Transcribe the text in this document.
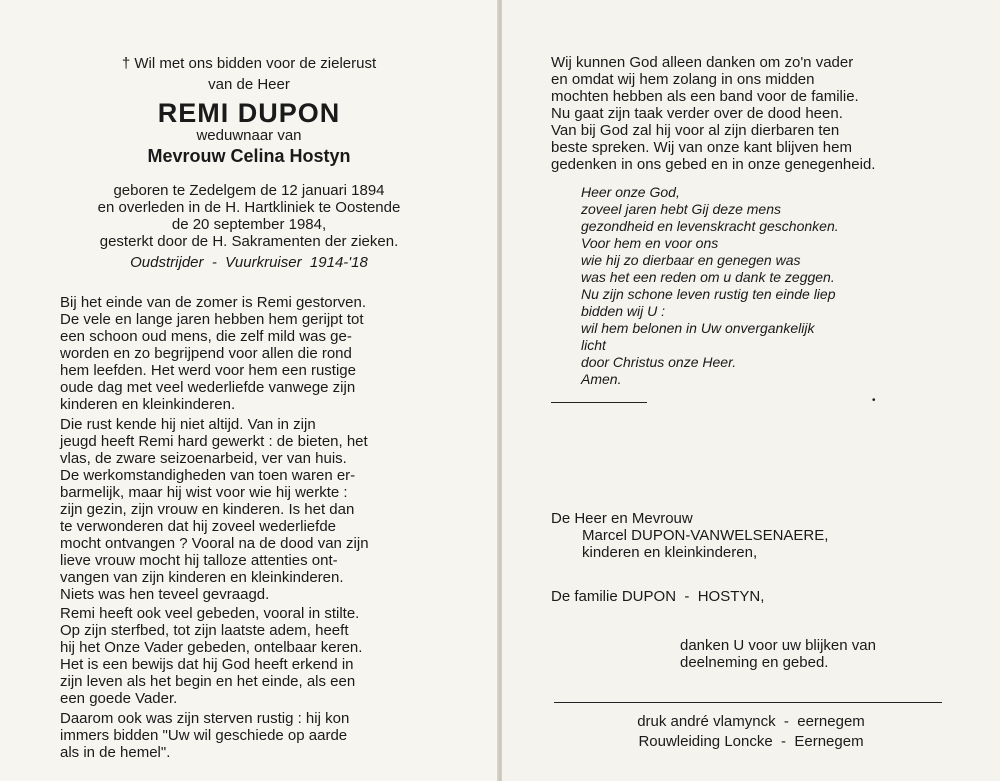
† Wil met ons bidden voor de zielerust
van de Heer
REMI DUPON
weduwnaar van
Mevrouw Celina Hostyn
geboren te Zedelgem de 12 januari 1894
en overleden in de H. Hartkliniek te Oostende
de 20 september 1984,
gesterkt door de H. Sakramenten der zieken.
Oudstrijder  -  Vuurkruiser  1914-'18
Bij het einde van de zomer is Remi gestorven.
De vele en lange jaren hebben hem gerijpt tot
een schoon oud mens, die zelf mild was ge-
worden en zo begrijpend voor allen die rond
hem leefden. Het werd voor hem een rustige
oude dag met veel wederliefde vanwege zijn
kinderen en kleinkinderen.
Die rust kende hij niet altijd. Van in zijn
jeugd heeft Remi hard gewerkt : de bieten, het
vlas, de zware seizoenarbeid, ver van huis.
De werkomstandigheden van toen waren er-
barmelijk, maar hij wist voor wie hij werkte :
zijn gezin, zijn vrouw en kinderen. Is het dan
te verwonderen dat hij zoveel wederliefde
mocht ontvangen ? Vooral na de dood van zijn
lieve vrouw mocht hij talloze attenties ont-
vangen van zijn kinderen en kleinkinderen.
Niets was hen teveel gevraagd.
Remi heeft ook veel gebeden, vooral in stilte.
Op zijn sterfbed, tot zijn laatste adem, heeft
hij het Onze Vader gebeden, ontelbaar keren.
Het is een bewijs dat hij God heeft erkend in
zijn leven als het begin en het einde, als een
een goede Vader.
Daarom ook was zijn sterven rustig : hij kon
immers bidden "Uw wil geschiede op aarde
als in de hemel".
Wij kunnen God alleen danken om zo'n vader
en omdat wij hem zolang in ons midden
mochten hebben als een band voor de familie.
Nu gaat zijn taak verder over de dood heen.
Van bij God zal hij voor al zijn dierbaren ten
beste spreken. Wij van onze kant blijven hem
gedenken in ons gebed en in onze genegenheid.
Heer onze God,
zoveel jaren hebt Gij deze mens
gezondheid en levenskracht geschonken.
Voor hem en voor ons
wie hij zo dierbaar en genegen was
was het een reden om u dank te zeggen.
Nu zijn schone leven rustig ten einde liep
bidden wij U :
wil hem belonen in Uw onvergankelijk
licht
door Christus onze Heer.
Amen.
•
De Heer en Mevrouw
Marcel DUPON-VANWELSENAERE,
kinderen en kleinkinderen,
De familie DUPON  -  HOSTYN,
danken U voor uw blijken van
deelneming en gebed.
druk andré vlamynck  -  eernegem
Rouwleiding Loncke  -  Eernegem
